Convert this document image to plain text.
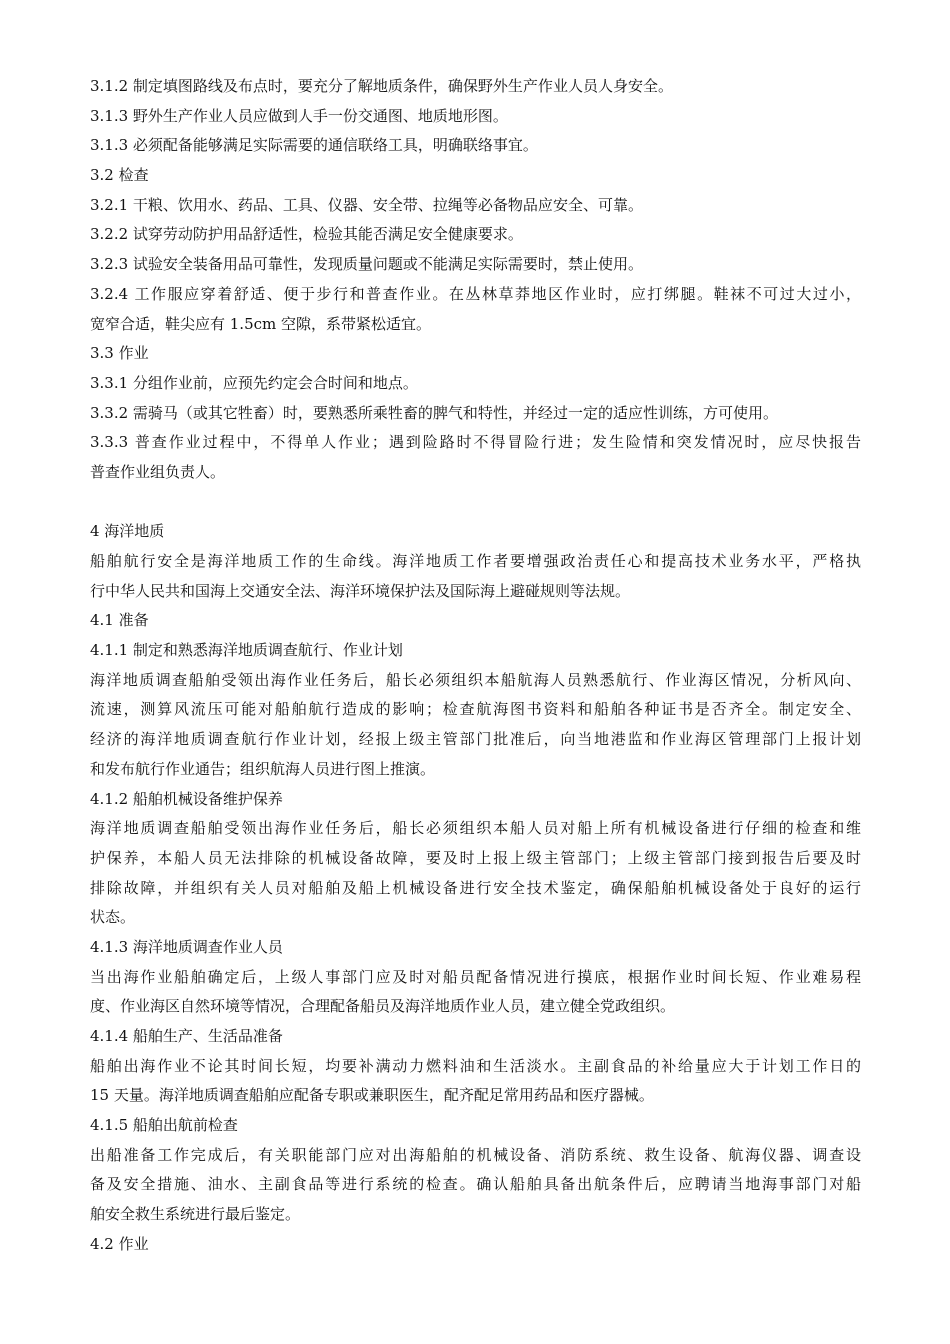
3.1.2 制定填图路线及布点时，要充分了解地质条件，确保野外生产作业人员人身安全。
3.1.3 野外生产作业人员应做到人手一份交通图、地质地形图。
3.1.3 必须配备能够满足实际需要的通信联络工具，明确联络事宜。
3.2 检查
3.2.1 干粮、饮用水、药品、工具、仪器、安全带、拉绳等必备物品应安全、可靠。
3.2.2 试穿劳动防护用品舒适性，检验其能否满足安全健康要求。
3.2.3 试验安全装备用品可靠性，发现质量问题或不能满足实际需要时，禁止使用。
3.2.4 工作服应穿着舒适、便于步行和普查作业。在丛林草莽地区作业时，应打绑腿。鞋袜不可过大过小，
宽窄合适，鞋尖应有 1.5cm 空隙，系带紧松适宜。
3.3 作业
3.3.1 分组作业前，应预先约定会合时间和地点。
3.3.2 需骑马（或其它牲畜）时，要熟悉所乘牲畜的脾气和特性，并经过一定的适应性训练，方可使用。
3.3.3 普查作业过程中，不得单人作业；遇到险路时不得冒险行进；发生险情和突发情况时，应尽快报告
普查作业组负责人。
4 海洋地质
船舶航行安全是海洋地质工作的生命线。海洋地质工作者要增强政治责任心和提高技术业务水平，严格执
行中华人民共和国海上交通安全法、海洋环境保护法及国际海上避碰规则等法规。
4.1 准备
4.1.1 制定和熟悉海洋地质调查航行、作业计划
海洋地质调查船舶受领出海作业任务后，船长必须组织本船航海人员熟悉航行、作业海区情况，分析风向、
流速，测算风流压可能对船舶航行造成的影响；检查航海图书资料和船舶各种证书是否齐全。制定安全、
经济的海洋地质调查航行作业计划，经报上级主管部门批准后，向当地港监和作业海区管理部门上报计划
和发布航行作业通告；组织航海人员进行图上推演。
4.1.2 船舶机械设备维护保养
海洋地质调查船舶受领出海作业任务后，船长必须组织本船人员对船上所有机械设备进行仔细的检查和维
护保养，本船人员无法排除的机械设备故障，要及时上报上级主管部门；上级主管部门接到报告后要及时
排除故障，并组织有关人员对船舶及船上机械设备进行安全技术鉴定，确保船舶机械设备处于良好的运行
状态。
4.1.3 海洋地质调查作业人员
当出海作业船舶确定后，上级人事部门应及时对船员配备情况进行摸底，根据作业时间长短、作业难易程
度、作业海区自然环境等情况，合理配备船员及海洋地质作业人员，建立健全党政组织。
4.1.4 船舶生产、生活品准备
船舶出海作业不论其时间长短，均要补满动力燃料油和生活淡水。主副食品的补给量应大于计划工作日的
15 天量。海洋地质调查船舶应配备专职或兼职医生，配齐配足常用药品和医疗器械。
4.1.5 船舶出航前检查
出船准备工作完成后，有关职能部门应对出海船舶的机械设备、消防系统、救生设备、航海仪器、调查设
备及安全措施、油水、主副食品等进行系统的检查。确认船舶具备出航条件后，应聘请当地海事部门对船
舶安全救生系统进行最后鉴定。
4.2 作业
